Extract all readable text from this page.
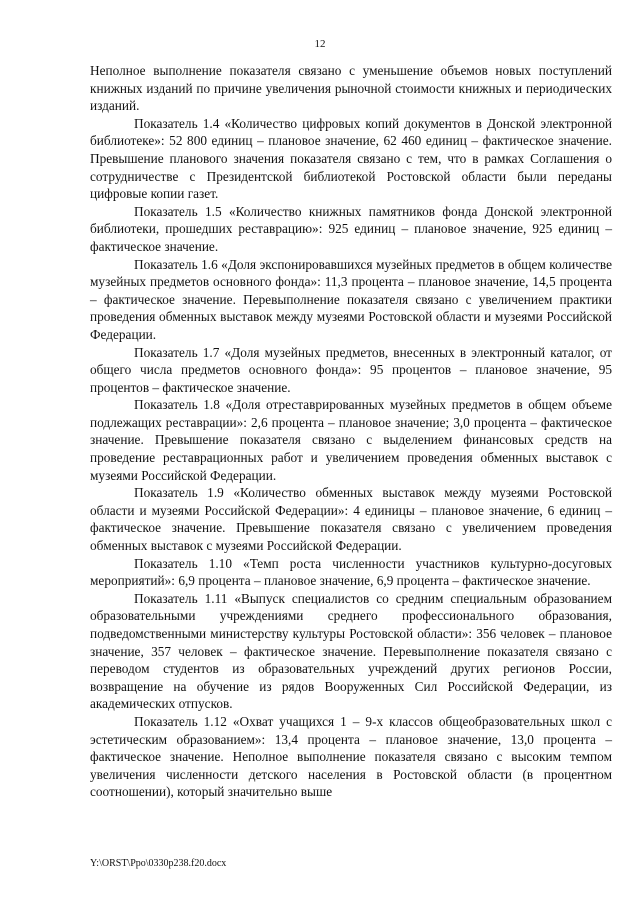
12

Неполное выполнение показателя связано с уменьшение объемов новых поступлений книжных изданий по причине увеличения рыночной стоимости книжных и периодических изданий.

Показатель 1.4 «Количество цифровых копий документов в Донской электронной библиотеке»: 52 800 единиц – плановое значение, 62 460 единиц – фактическое значение. Превышение планового значения показателя связано с тем, что в рамках Соглашения о сотрудничестве с Президентской библиотекой Ростовской области были переданы цифровые копии газет.

Показатель 1.5 «Количество книжных памятников фонда Донской электронной библиотеки, прошедших реставрацию»: 925 единиц – плановое значение, 925 единиц – фактическое значение.

Показатель 1.6 «Доля экспонировавшихся музейных предметов в общем количестве музейных предметов основного фонда»: 11,3 процента – плановое значение, 14,5 процента – фактическое значение. Перевыполнение показателя связано с увеличением практики проведения обменных выставок между музеями Ростовской области и музеями Российской Федерации.

Показатель 1.7 «Доля музейных предметов, внесенных в электронный каталог, от общего числа предметов основного фонда»: 95 процентов – плановое значение, 95 процентов – фактическое значение.

Показатель 1.8 «Доля отреставрированных музейных предметов в общем объеме подлежащих реставрации»: 2,6 процента – плановое значение; 3,0 процента – фактическое значение. Превышение показателя связано с выделением финансовых средств на проведение реставрационных работ и увеличением проведения обменных выставок с музеями Российской Федерации.

Показатель 1.9 «Количество обменных выставок между музеями Ростовской области и музеями Российской Федерации»: 4 единицы – плановое значение, 6 единиц – фактическое значение. Превышение показателя связано с увеличением проведения обменных выставок с музеями Российской Федерации.

Показатель 1.10 «Темп роста численности участников культурно-досуговых мероприятий»: 6,9 процента – плановое значение, 6,9 процента – фактическое значение.

Показатель 1.11 «Выпуск специалистов со средним специальным образованием образовательными учреждениями среднего профессионального образования, подведомственными министерству культуры Ростовской области»: 356 человек – плановое значение, 357 человек – фактическое значение. Перевыполнение показателя связано с переводом студентов из образовательных учреждений других регионов России, возвращение на обучение из рядов Вооруженных Сил Российской Федерации, из академических отпусков.

Показатель 1.12 «Охват учащихся 1 – 9-х классов общеобразовательных школ с эстетическим образованием»: 13,4 процента – плановое значение, 13,0 процента – фактическое значение. Неполное выполнение показателя связано с высоким темпом увеличения численности детского населения в Ростовской области (в процентном соотношении), который значительно выше

Y:\ORST\Ppo\0330p238.f20.docx
